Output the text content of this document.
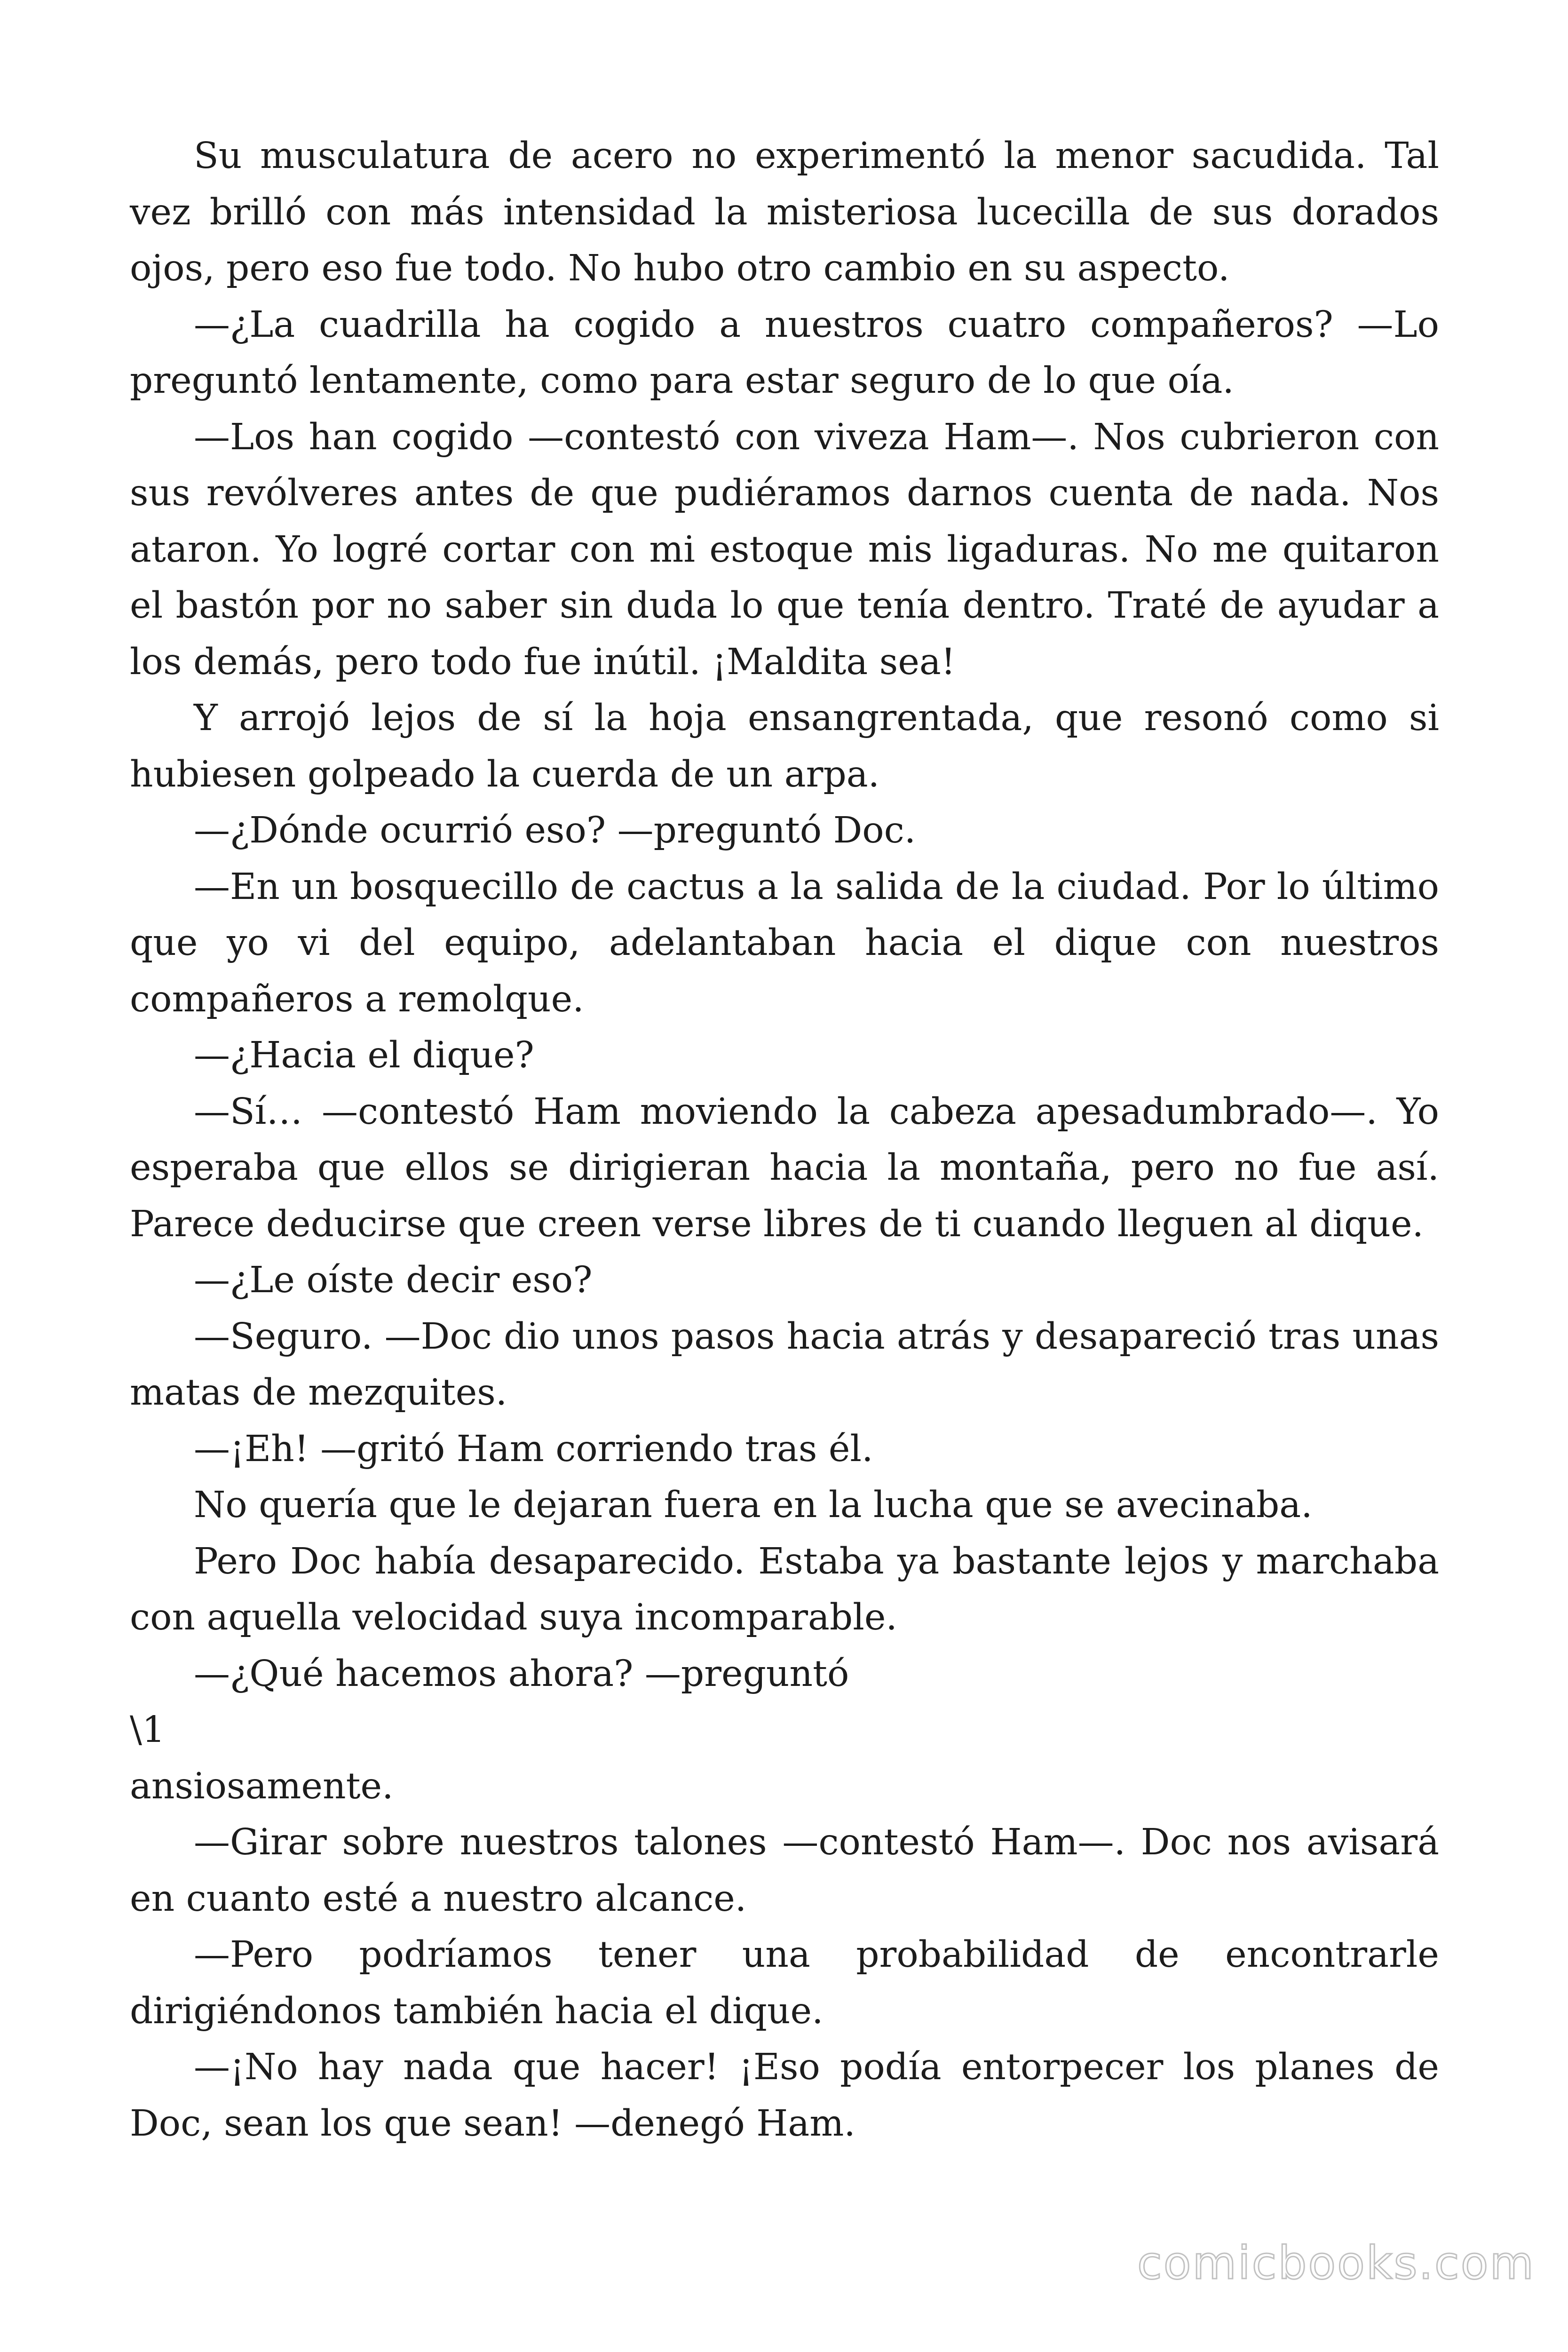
Su musculatura de acero no experimentó la menor sacudida. Tal vez brilló con más intensidad la misteriosa lucecilla de sus dorados ojos, pero eso fue todo. No hubo otro cambio en su aspecto.

—¿La cuadrilla ha cogido a nuestros cuatro compañeros? —Lo preguntó lentamente, como para estar seguro de lo que oía.

—Los han cogido —contestó con viveza Ham—. Nos cubrieron con sus revólveres antes de que pudiéramos darnos cuenta de nada. Nos ataron. Yo logré cortar con mi estoque mis ligaduras. No me quitaron el bastón por no saber sin duda lo que tenía dentro. Traté de ayudar a los demás, pero todo fue inútil. ¡Maldita sea!

Y arrojó lejos de sí la hoja ensangrentada, que resonó como si hubiesen golpeado la cuerda de un arpa.

—¿Dónde ocurrió eso? —preguntó Doc.

—En un bosquecillo de cactus a la salida de la ciudad. Por lo último que yo vi del equipo, adelantaban hacia el dique con nuestros compañeros a remolque.

—¿Hacia el dique?

—Sí… —contestó Ham moviendo la cabeza apesadumbrado—. Yo esperaba que ellos se dirigieran hacia la montaña, pero no fue así. Parece deducirse que creen verse libres de ti cuando lleguen al dique.

—¿Le oíste decir eso?

—Seguro. —Doc dio unos pasos hacia atrás y desapareció tras unas matas de mezquites.

—¡Eh! —gritó Ham corriendo tras él.

No quería que le dejaran fuera en la lucha que se avecinaba.

Pero Doc había desaparecido. Estaba ya bastante lejos y marchaba con aquella velocidad suya incomparable.

—¿Qué hacemos ahora? —preguntó

\1

ansiosamente.

—Girar sobre nuestros talones —contestó Ham—. Doc nos avisará en cuanto esté a nuestro alcance.

—Pero podríamos tener una probabilidad de encontrarle dirigiéndonos también hacia el dique.

—¡No hay nada que hacer! ¡Eso podía entorpecer los planes de Doc, sean los que sean! —denegó Ham.

comicbooks.com
